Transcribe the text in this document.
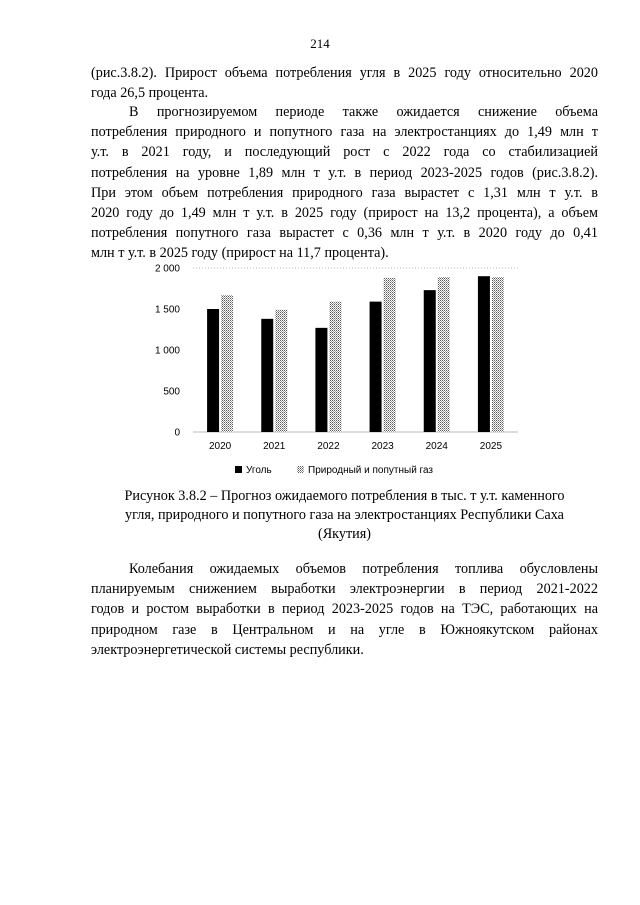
214
(рис.3.8.2). Прирост объема потребления угля в 2025 году относительно 2020
года 26,5 процента.
В прогнозируемом периоде также ожидается снижение объема
потребления природного и попутного газа на электростанциях до 1,49 млн т
у.т. в 2021 году, и последующий рост с 2022 года со стабилизацией
потребления на уровне 1,89 млн т у.т. в период 2023-2025 годов (рис.3.8.2).
При этом объем потребления природного газа вырастет с 1,31 млн т у.т. в
2020 году до 1,49 млн т у.т. в 2025 году (прирост на 13,2 процента), а объем
потребления попутного газа вырастет с 0,36 млн т у.т. в 2020 году до 0,41
млн т у.т. в 2025 году (прирост на 11,7 процента).
0
500
1 000
1 500
2 000
2020	2021	2022	2023	2024	2025
Уголь	Природный и попутный газ
Рисунок 3.8.2 – Прогноз ожидаемого потребления в тыс. т у.т. каменного
угля, природного и попутного газа на электростанциях Республики Саха
(Якутия)
Колебания ожидаемых объемов потребления топлива обусловлены
планируемым снижением выработки электроэнергии в период 2021-2022
годов и ростом выработки в период 2023-2025 годов на ТЭС, работающих на
природном газе в Центральном и на угле в Южноякутском районах
электроэнергетической системы республики.
